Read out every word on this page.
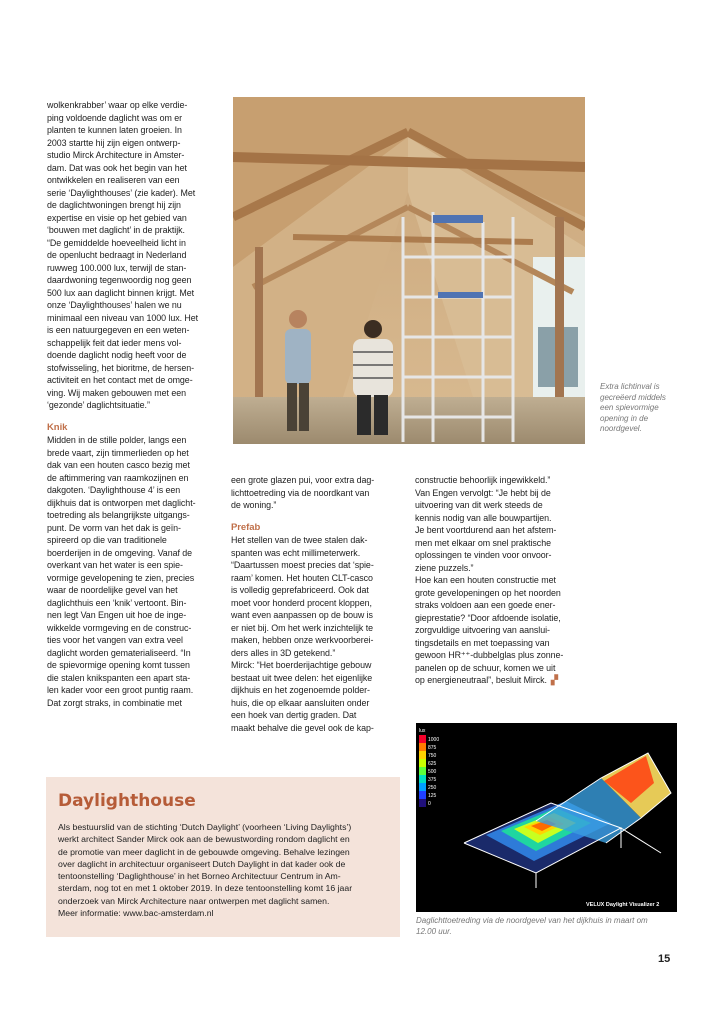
wolkenkrabber’ waar op elke verdie-
ping voldoende daglicht was om er
planten te kunnen laten groeien. In
2003 startte hij zijn eigen ontwerp-
studio Mirck Architecture in Amster-
dam. Dat was ook het begin van het
ontwikkelen en realiseren van een
serie ‘Daylighthouses’ (zie kader). Met
de daglichtwoningen brengt hij zijn
expertise en visie op het gebied van
‘bouwen met daglicht’ in de praktijk.
“De gemiddelde hoeveelheid licht in
de openlucht bedraagt in Nederland
ruwweg 100.000 lux, terwijl de stan-
daardwoning tegenwoordig nog geen
500 lux aan daglicht binnen krijgt. Met
onze ‘Daylighthouses’ halen we nu
minimaal een niveau van 1000 lux. Het
is een natuurgegeven en een weten-
schappelijk feit dat ieder mens vol-
doende daglicht nodig heeft voor de
stofwisseling, het bioritme, de hersen-
activiteit en het contact met de omge-
ving. Wij maken gebouwen met een
‘gezonde’ daglichtsituatie.”
Knik
Midden in de stille polder, langs een
brede vaart, zijn timmerlieden op het
dak van een houten casco bezig met
de aftimmering van raamkozijnen en
dakgoten. ‘Daylighthouse 4’ is een
dijkhuis dat is ontworpen met daglicht-
toetreding als belangrijkste uitgangs-
punt. De vorm van het dak is geïn-
spireerd op die van traditionele
boerderijen in de omgeving. Vanaf de
overkant van het water is een spie-
vormige gevelopening te zien, precies
waar de noordelijke gevel van het
daglichthuis een ‘knik’ vertoont. Bin-
nen legt Van Engen uit hoe de inge-
wikkelde vormgeving en de construc-
ties voor het vangen van extra veel
daglicht worden gematerialiseerd. “In
de spievormige opening komt tussen
die stalen knikspanten een apart sta-
len kader voor een groot puntig raam.
Dat zorgt straks, in combinatie met
een grote glazen pui, voor extra dag-
lichttoetreding via de noordkant van
de woning.”
Prefab
Het stellen van de twee stalen dak-
spanten was echt millimeterwerk.
“Daartussen moest precies dat ‘spie-
raam’ komen. Het houten CLT-casco
is volledig geprefabriceerd. Ook dat
moet voor honderd procent kloppen,
want even aanpassen op de bouw is
er niet bij. Om het werk inzichtelijk te
maken, hebben onze werkvoorberei-
ders alles in 3D getekend.”
Mirck: “Het boerderijachtige gebouw
bestaat uit twee delen: het eigenlijke
dijkhuis en het zogenoemde polder-
huis, die op elkaar aansluiten onder
een hoek van dertig graden. Dat
maakt behalve die gevel ook de kap-
constructie behoorlijk ingewikkeld.”
Van Engen vervolgt: “Je hebt bij de
uitvoering van dit werk steeds de
kennis nodig van alle bouwpartijen.
Je bent voortdurend aan het afstem-
men met elkaar om snel praktische
oplossingen te vinden voor onvoor-
ziene puzzels.”
Hoe kan een houten constructie met
grote gevelopeningen op het noorden
straks voldoen aan een goede ener-
gieprestatie? “Door afdoende isolatie,
zorgvuldige uitvoering van aanslui-
tingsdetails en met toepassing van
gewoon HR⁺⁺-dubbelglas plus zonne-
panelen op de schuur, komen we uit
op energieneutraal”, besluit Mirck. ▞
Extra lichtinval is
gecreëerd middels
een spievormige
opening in de
noordgevel.
lux
1000
875
750
625
500
375
250
125
0
VELUX Daylight Visualizer 2
Daglichttoetreding via de noordgevel van het dijkhuis in maart om
12.00 uur.
Daylighthouse
Als bestuurslid van de stichting ‘Dutch Daylight’ (voorheen ‘Living Daylights’)
werkt architect Sander Mirck ook aan de bewustwording rondom daglicht en
de promotie van meer daglicht in de gebouwde omgeving. Behalve lezingen
over daglicht in architectuur organiseert Dutch Daylight in dat kader ook de
tentoonstelling ‘Daglighthouse’ in het Borneo Architectuur Centrum in Am-
sterdam, nog tot en met 1 oktober 2019. In deze tentoonstelling komt 16 jaar
onderzoek van Mirck Architecture naar ontwerpen met daglicht samen.
Meer informatie: www.bac-amsterdam.nl
15
